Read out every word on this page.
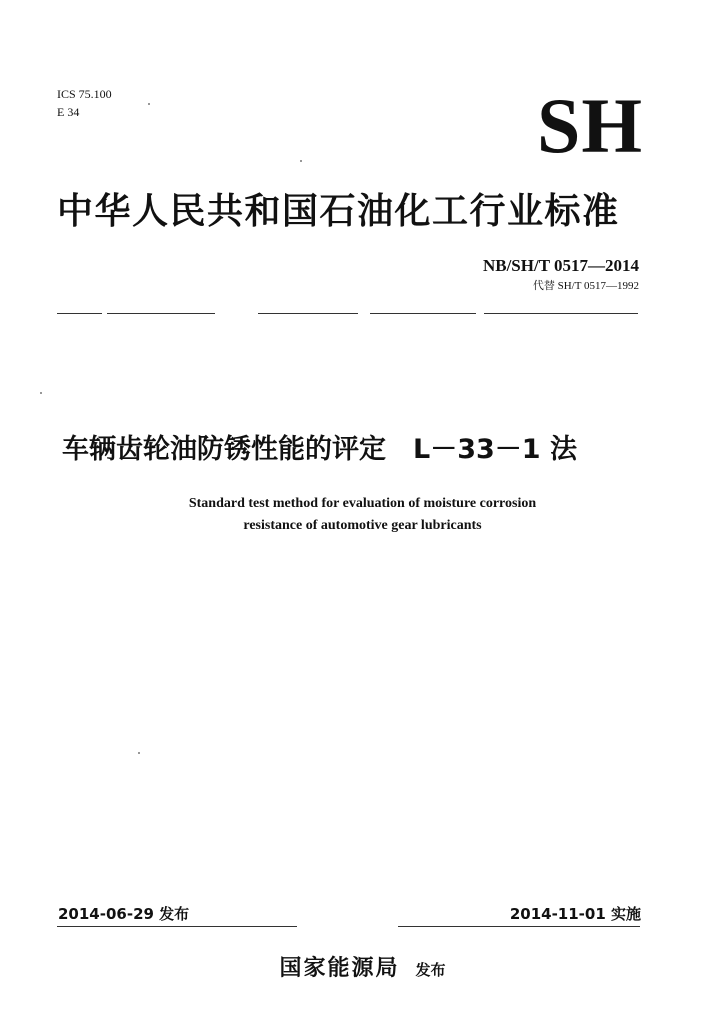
ICS 75.100
E 34	SH
中华人民共和国石油化工行业标准
NB/SH/T 0517—2014
代替 SH/T 0517—1992
车辆齿轮油防锈性能的评定　L－33－1 法
Standard test method for evaluation of moisture corrosion
resistance of automotive gear lubricants
2014-06-29 发布	2014-11-01 实施
国家能源局 发布
